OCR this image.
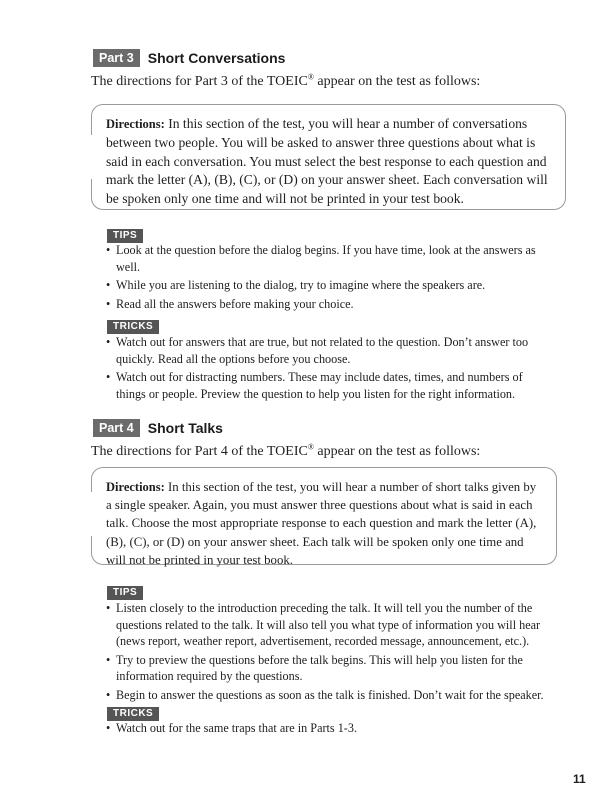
Part 3	Short Conversations
The directions for Part 3 of the TOEIC® appear on the test as follows:
Directions: In this section of the test, you will hear a number of conversations between two people. You will be asked to answer three questions about what is said in each conversation. You must select the best response to each question and mark the letter (A), (B), (C), or (D) on your answer sheet. Each conversation will be spoken only one time and will not be printed in your test book.
TIPS
• Look at the question before the dialog begins. If you have time, look at the answers as well.
• While you are listening to the dialog, try to imagine where the speakers are.
• Read all the answers before making your choice.
TRICKS
• Watch out for answers that are true, but not related to the question. Don’t answer too quickly. Read all the options before you choose.
• Watch out for distracting numbers. These may include dates, times, and numbers of things or people. Preview the question to help you listen for the right information.
Part 4	Short Talks
The directions for Part 4 of the TOEIC® appear on the test as follows:
Directions: In this section of the test, you will hear a number of short talks given by a single speaker. Again, you must answer three questions about what is said in each talk. Choose the most appropriate response to each question and mark the letter (A), (B), (C), or (D) on your answer sheet. Each talk will be spoken only one time and will not be printed in your test book.
TIPS
• Listen closely to the introduction preceding the talk. It will tell you the number of the questions related to the talk. It will also tell you what type of information you will hear (news report, weather report, advertisement, recorded message, announcement, etc.).
• Try to preview the questions before the talk begins. This will help you listen for the information required by the questions.
• Begin to answer the questions as soon as the talk is finished. Don’t wait for the speaker.
TRICKS
• Watch out for the same traps that are in Parts 1-3.
11
